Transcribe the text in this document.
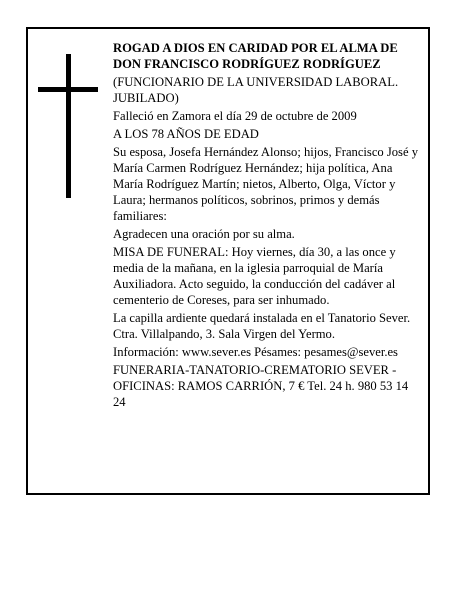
ROGAD A DIOS EN CARIDAD POR EL ALMA DE DON FRANCISCO RODRÍGUEZ RODRÍGUEZ

(FUNCIONARIO DE LA UNIVERSIDAD LABORAL. JUBILADO)

Falleció en Zamora el día 29 de octubre de 2009

A LOS 78 AÑOS DE EDAD

Su esposa, Josefa Hernández Alonso; hijos, Francisco José y María Carmen Rodríguez Hernández; hija política, Ana María Rodríguez Martín; nietos, Alberto, Olga, Víctor y Laura; hermanos políticos, sobrinos, primos y demás familiares:

Agradecen una oración por su alma.

MISA DE FUNERAL: Hoy viernes, día 30, a las once y media de la mañana, en la iglesia parroquial de María Auxiliadora. Acto seguido, la conducción del cadáver al cementerio de Coreses, para ser inhumado.

La capilla ardiente quedará instalada en el Tanatorio Sever. Ctra. Villalpando, 3. Sala Virgen del Yermo.

Información: www.sever.es Pésames: pesames@sever.es

FUNERARIA-TANATORIO-CREMATORIO SEVER - OFICINAS: RAMOS CARRIÓN, 7 € Tel. 24 h. 980 53 14 24
